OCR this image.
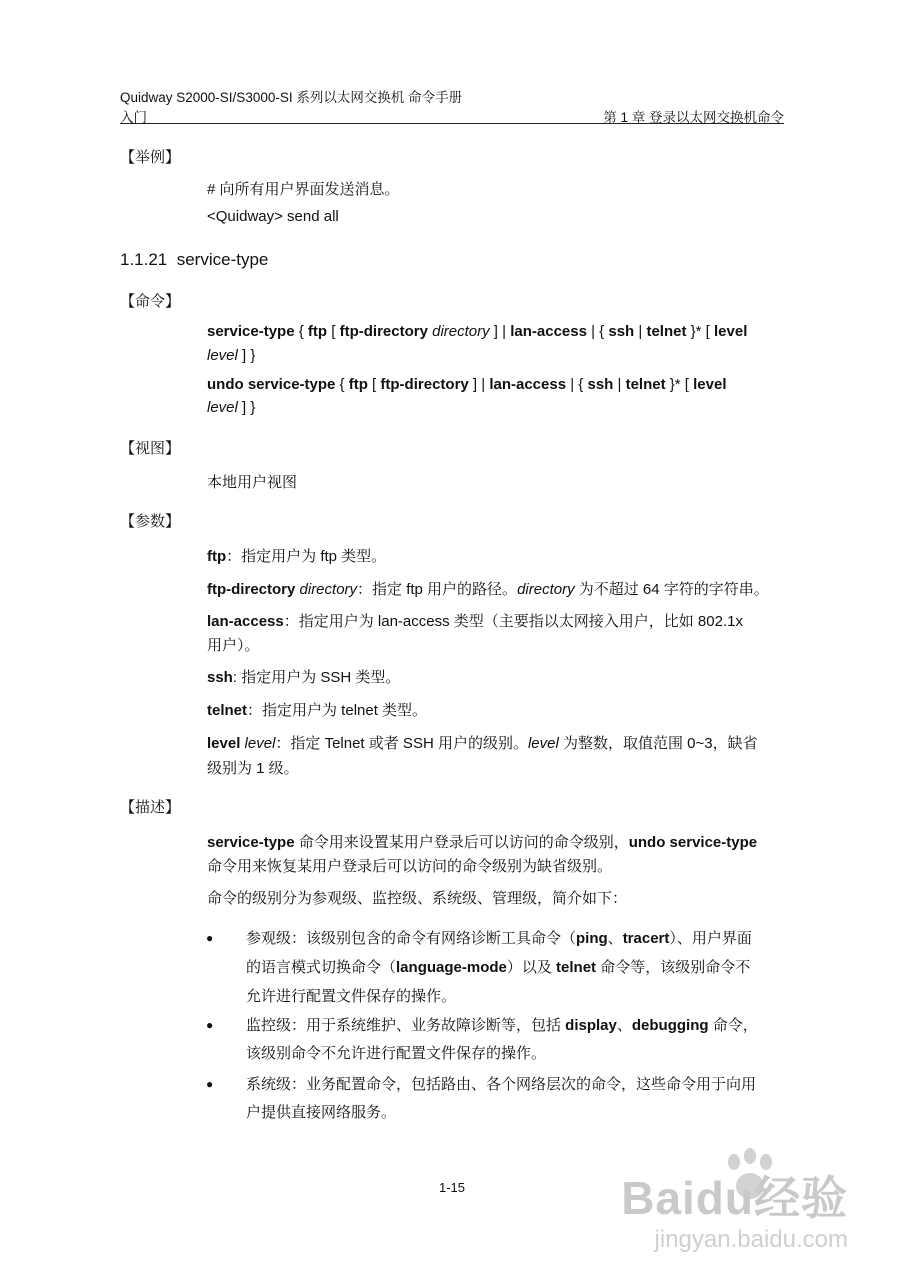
Quidway S2000-SI/S3000-SI 系列以太网交换机 命令手册
入门	第 1 章 登录以太网交换机命令
【举例】
# 向所有用户界面发送消息。
<Quidway> send all
1.1.21 service-type
【命令】
service-type { ftp [ ftp-directory directory ] | lan-access | { ssh | telnet }* [ level
level ] }
undo service-type { ftp [ ftp-directory ] | lan-access | { ssh | telnet }* [ level
level ] }
【视图】
本地用户视图
【参数】
ftp：指定用户为 ftp 类型。
ftp-directory directory：指定 ftp 用户的路径。directory 为不超过 64 字符的字符串。
lan-access：指定用户为 lan-access 类型（主要指以太网接入用户，比如 802.1x
用户）。
ssh: 指定用户为 SSH 类型。
telnet：指定用户为 telnet 类型。
level level：指定 Telnet 或者 SSH 用户的级别。level 为整数，取值范围 0~3，缺省
级别为 1 级。
【描述】
service-type 命令用来设置某用户登录后可以访问的命令级别，undo service-type
命令用来恢复某用户登录后可以访问的命令级别为缺省级别。
命令的级别分为参观级、监控级、系统级、管理级，简介如下：
● 参观级：该级别包含的命令有网络诊断工具命令（ping、tracert）、用户界面
的语言模式切换命令（language-mode）以及 telnet 命令等，该级别命令不
允许进行配置文件保存的操作。
● 监控级：用于系统维护、业务故障诊断等，包括 display、debugging 命令，
该级别命令不允许进行配置文件保存的操作。
● 系统级：业务配置命令，包括路由、各个网络层次的命令，这些命令用于向用
户提供直接网络服务。
1-15	Baidu经验
jingyan.baidu.com
